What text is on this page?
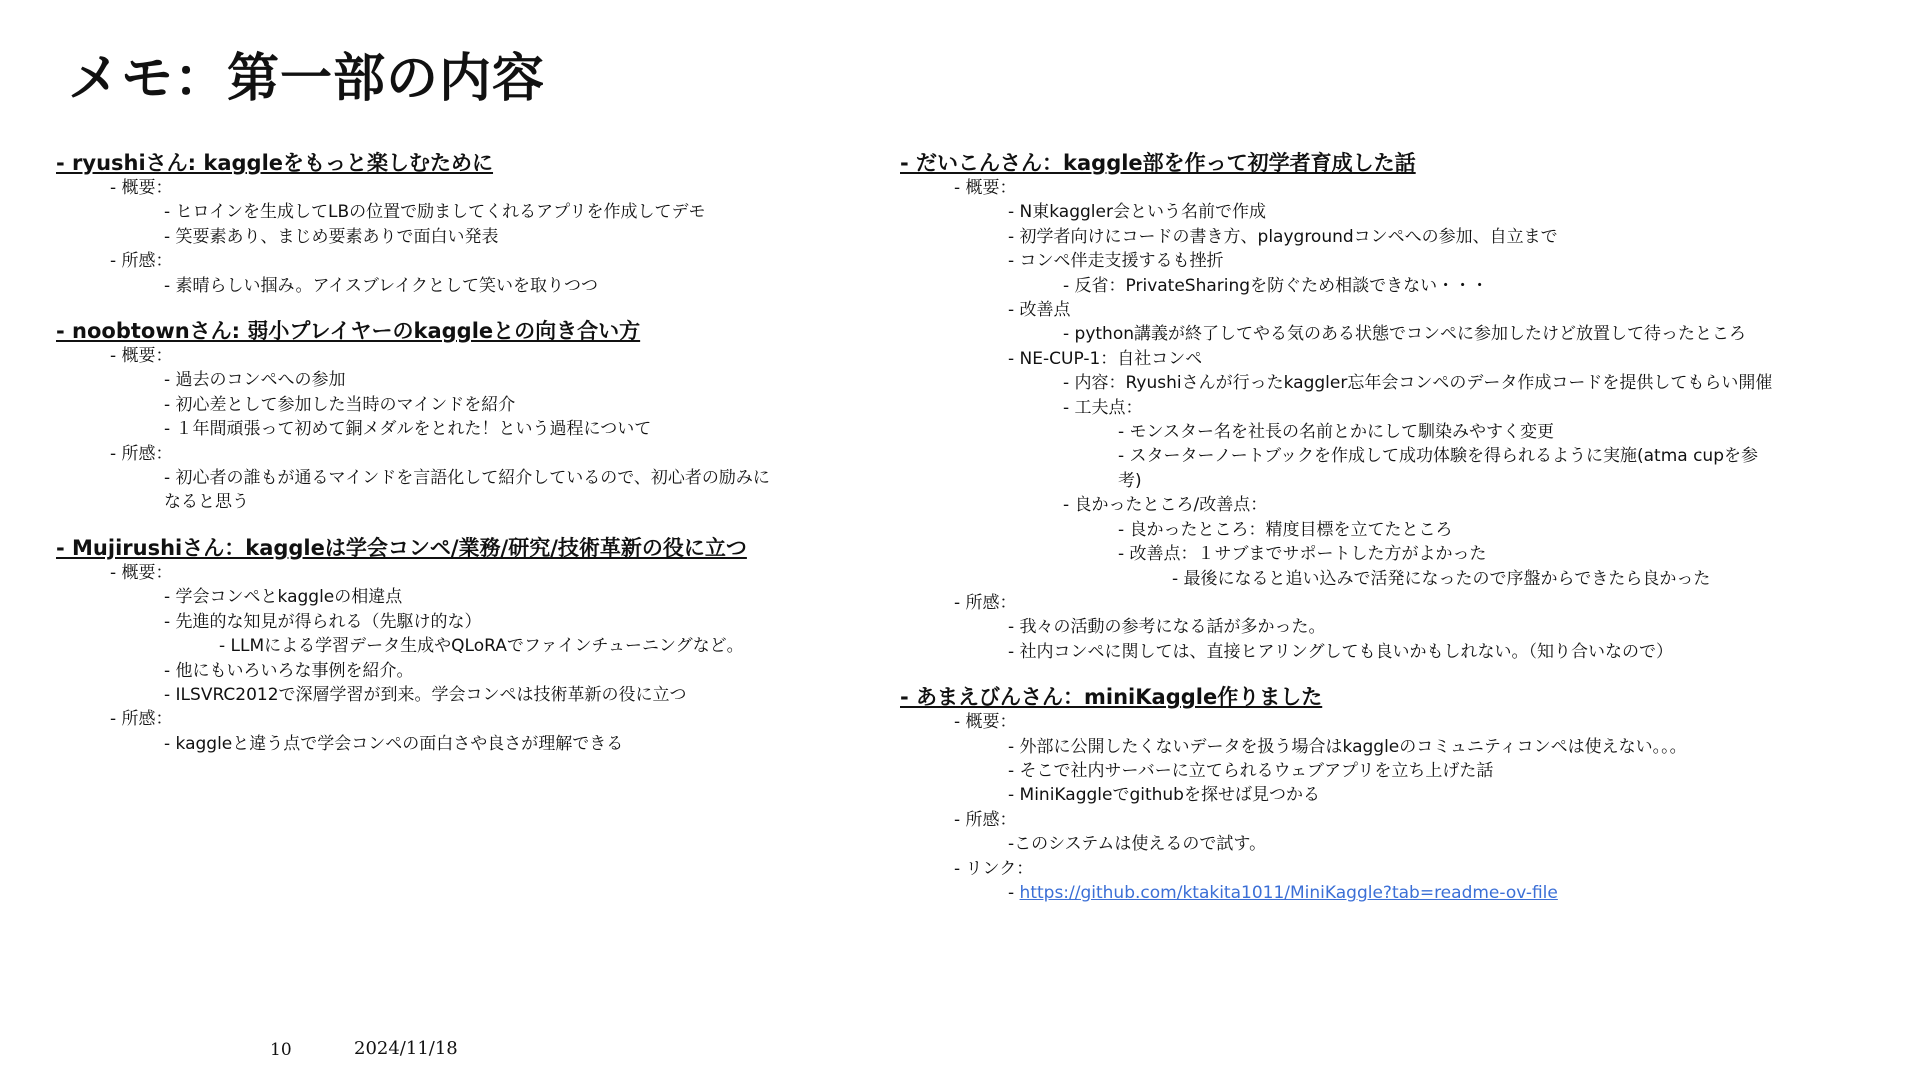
メモ：第一部の内容
- ryushiさん: kaggleをもっと楽しむために
- 概要：
- ヒロインを生成してLBの位置で励ましてくれるアプリを作成してデモ
- 笑要素あり、まじめ要素ありで面白い発表
- 所感：
- 素晴らしい掴み。アイスブレイクとして笑いを取りつつ
- noobtownさん: 弱小プレイヤーのkaggleとの向き合い方
- 概要：
- 過去のコンペへの参加
- 初心差として参加した当時のマインドを紹介
- １年間頑張って初めて銅メダルをとれた！という過程について
- 所感：
- 初心者の誰もが通るマインドを言語化して紹介しているので、初心者の励みに
なると思う
- Mujirushiさん：kaggleは学会コンペ/業務/研究/技術革新の役に立つ
- 概要：
- 学会コンペとkaggleの相違点
- 先進的な知見が得られる（先駆け的な）
- LLMによる学習データ生成やQLoRAでファインチューニングなど。
- 他にもいろいろな事例を紹介。
- ILSVRC2012で深層学習が到来。学会コンペは技術革新の役に立つ
- 所感：
- kaggleと違う点で学会コンペの面白さや良さが理解できる
- だいこんさん：kaggle部を作って初学者育成した話
- 概要：
- N東kaggler会という名前で作成
- 初学者向けにコードの書き方、playgroundコンペへの参加、自立まで
- コンペ伴走支援するも挫折
- 反省：PrivateSharingを防ぐため相談できない・・・
- 改善点
- python講義が終了してやる気のある状態でコンペに参加したけど放置して待ったところ
- NE-CUP-1：自社コンペ
- 内容：Ryushiさんが行ったkaggler忘年会コンペのデータ作成コードを提供してもらい開催
- 工夫点：
- モンスター名を社長の名前とかにして馴染みやすく変更
- スターターノートブックを作成して成功体験を得られるように実施(atma cupを参
考)
- 良かったところ/改善点：
- 良かったところ：精度目標を立てたところ
- 改善点：１サブまでサポートした方がよかった
- 最後になると追い込みで活発になったので序盤からできたら良かった
- 所感：
- 我々の活動の参考になる話が多かった。
- 社内コンペに関しては、直接ヒアリングしても良いかもしれない。（知り合いなので）
- あまえびんさん：miniKaggle作りました
- 概要：
- 外部に公開したくないデータを扱う場合はkaggleのコミュニティコンペは使えない。。。
- そこで社内サーバーに立てられるウェブアプリを立ち上げた話
- MiniKaggleでgithubを探せば見つかる
- 所感：
-このシステムは使えるので試す。
- リンク：
- https://github.com/ktakita1011/MiniKaggle?tab=readme-ov-file
10	2024/11/18
